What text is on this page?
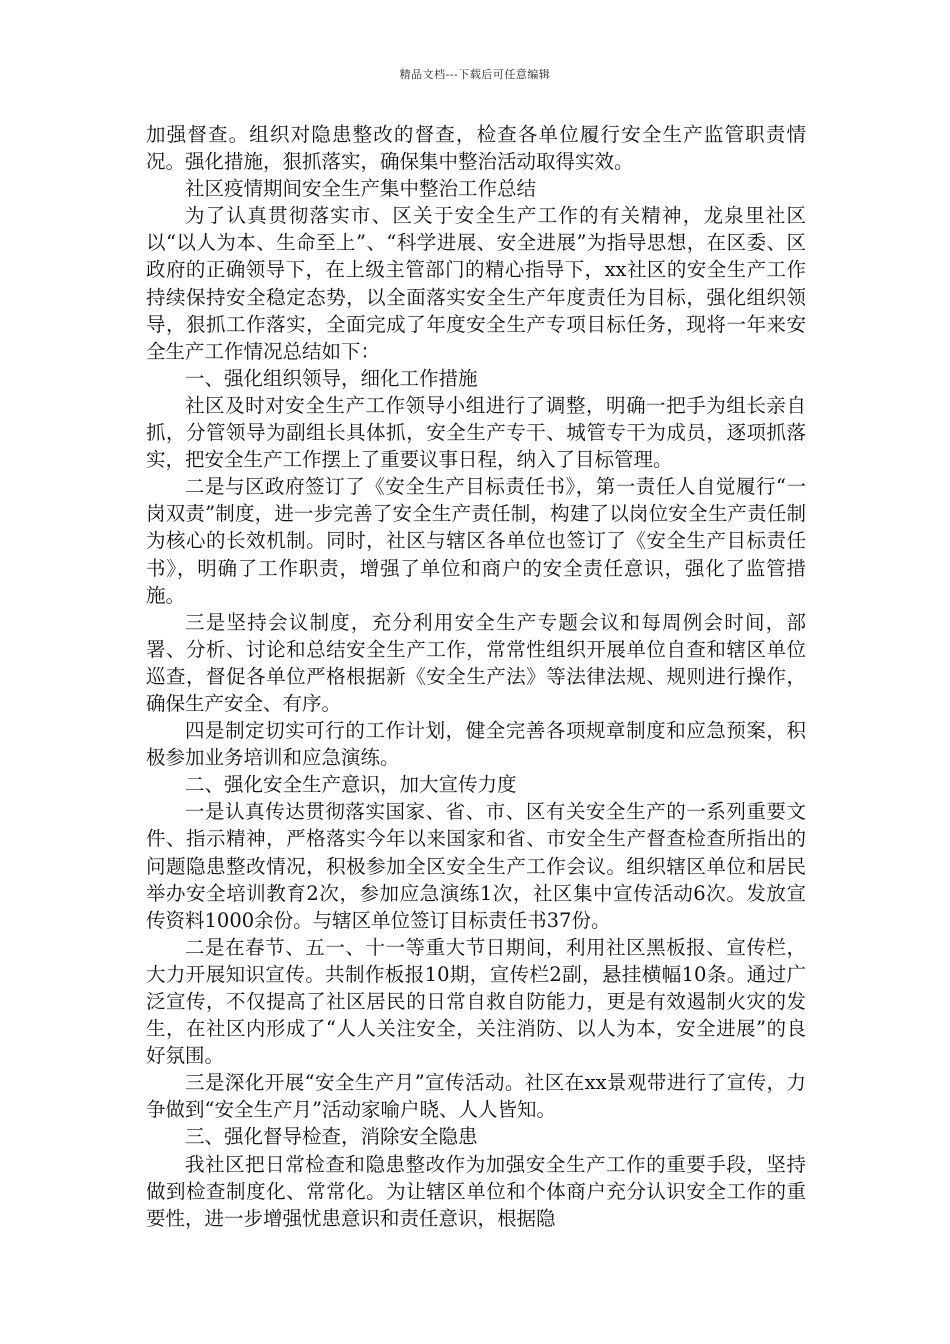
精品文档---下载后可任意编辑

加强督查。组织对隐患整改的督查，检查各单位履行安全生产监管职责情况。强化措施，狠抓落实，确保集中整治活动取得实效。

社区疫情期间安全生产集中整治工作总结

为了认真贯彻落实市、区关于安全生产工作的有关精神，龙泉里社区以“以人为本、生命至上”、“科学进展、安全进展”为指导思想，在区委、区政府的正确领导下，在上级主管部门的精心指导下，xx社区的安全生产工作持续保持安全稳定态势，以全面落实安全生产年度责任为目标，强化组织领导，狠抓工作落实，全面完成了年度安全生产专项目标任务，现将一年来安全生产工作情况总结如下：

一、强化组织领导，细化工作措施

社区及时对安全生产工作领导小组进行了调整，明确一把手为组长亲自抓，分管领导为副组长具体抓，安全生产专干、城管专干为成员，逐项抓落实，把安全生产工作摆上了重要议事日程，纳入了目标管理。

二是与区政府签订了《安全生产目标责任书》，第一责任人自觉履行“一岗双责”制度，进一步完善了安全生产责任制，构建了以岗位安全生产责任制为核心的长效机制。同时，社区与辖区各单位也签订了《安全生产目标责任书》，明确了工作职责，增强了单位和商户的安全责任意识，强化了监管措施。

三是坚持会议制度，充分利用安全生产专题会议和每周例会时间，部署、分析、讨论和总结安全生产工作，常常性组织开展单位自查和辖区单位巡查，督促各单位严格根据新《安全生产法》等法律法规、规则进行操作，确保生产安全、有序。

四是制定切实可行的工作计划，健全完善各项规章制度和应急预案，积极参加业务培训和应急演练。

二、强化安全生产意识，加大宣传力度

一是认真传达贯彻落实国家、省、市、区有关安全生产的一系列重要文件、指示精神，严格落实今年以来国家和省、市安全生产督查检查所指出的问题隐患整改情况，积极参加全区安全生产工作会议。组织辖区单位和居民举办安全培训教育2次，参加应急演练1次，社区集中宣传活动6次。发放宣传资料1000余份。与辖区单位签订目标责任书37份。

二是在春节、五一、十一等重大节日期间，利用社区黑板报、宣传栏，大力开展知识宣传。共制作板报10期，宣传栏2副，悬挂横幅10条。通过广泛宣传，不仅提高了社区居民的日常自救自防能力，更是有效遏制火灾的发生，在社区内形成了“人人关注安全，关注消防、以人为本，安全进展”的良好氛围。

三是深化开展“安全生产月”宣传活动。社区在xx景观带进行了宣传，力争做到“安全生产月”活动家喻户晓、人人皆知。

三、强化督导检查，消除安全隐患

我社区把日常检查和隐患整改作为加强安全生产工作的重要手段，坚持做到检查制度化、常常化。为让辖区单位和个体商户充分认识安全工作的重要性，进一步增强忧患意识和责任意识，根据隐
